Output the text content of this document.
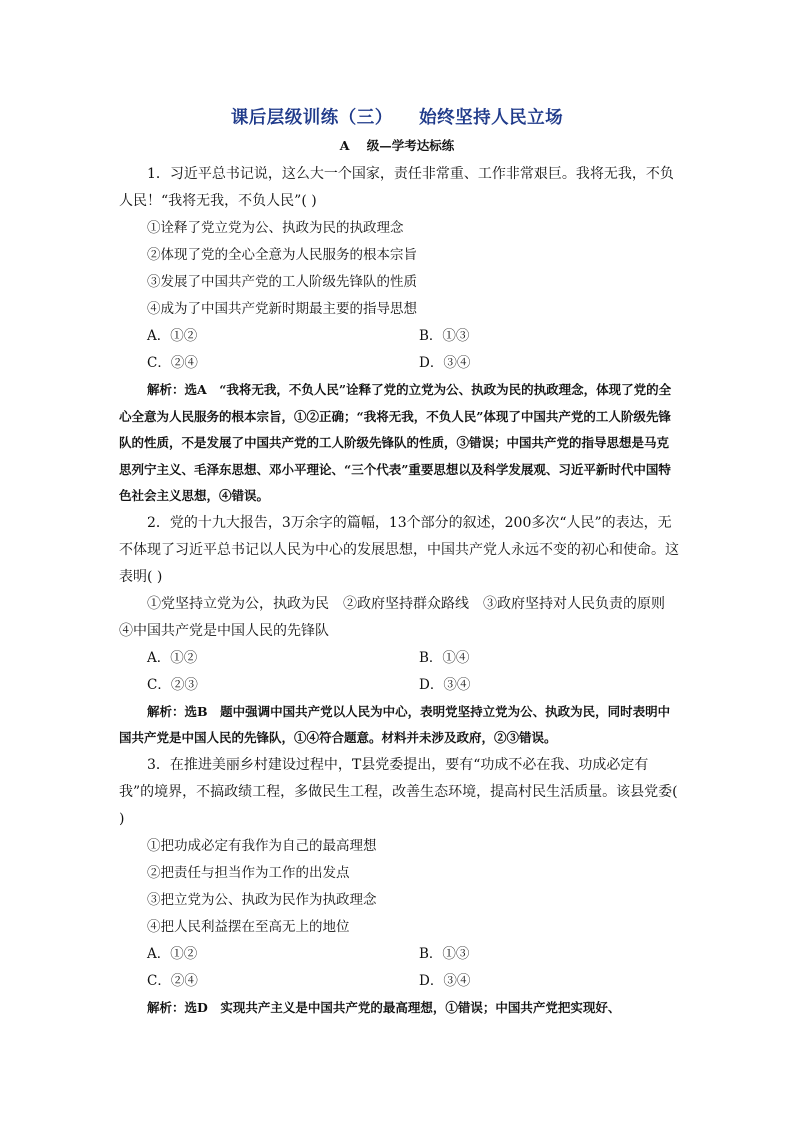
课后层级训练（三）    始终坚持人民立场
A    级—学考达标练

1．习近平总书记说，这么大一个国家，责任非常重、工作非常艰巨。我将无我，不负人民！“我将无我，不负人民”( )

①诠释了党立党为公、执政为民的执政理念

②体现了党的全心全意为人民服务的根本宗旨

③发展了中国共产党的工人阶级先锋队的性质

④成为了中国共产党新时期最主要的指导思想

A．①②	B．①③
C．②④	D．③④

解析：选A　“我将无我，不负人民”诠释了党的立党为公、执政为民的执政理念，体现了党的全心全意为人民服务的根本宗旨，①②正确；“我将无我，不负人民”体现了中国共产党的工人阶级先锋队的性质，不是发展了中国共产党的工人阶级先锋队的性质，③错误；中国共产党的指导思想是马克思列宁主义、毛泽东思想、邓小平理论、“三个代表”重要思想以及科学发展观、习近平新时代中国特色社会主义思想，④错误。

2．党的十九大报告，3万余字的篇幅，13个部分的叙述，200多次“人民”的表达，无不体现了习近平总书记以人民为中心的发展思想，中国共产党人永远不变的初心和使命。这表明( )

①党坚持立党为公，执政为民　②政府坚持群众路线　③政府坚持对人民负责的原则　④中国共产党是中国人民的先锋队

A．①②	B．①④
C．②③	D．③④

解析：选B　题中强调中国共产党以人民为中心，表明党坚持立党为公、执政为民，同时表明中国共产党是中国人民的先锋队，①④符合题意。材料并未涉及政府，②③错误。

3．在推进美丽乡村建设过程中，T县党委提出，要有“功成不必在我、功成必定有我”的境界，不搞政绩工程，多做民生工程，改善生态环境，提高村民生活质量。该县党委( )

①把功成必定有我作为自己的最高理想

②把责任与担当作为工作的出发点

③把立党为公、执政为民作为执政理念

④把人民利益摆在至高无上的地位

A．①②	B．①③
C．②④	D．③④

解析：选D　实现共产主义是中国共产党的最高理想，①错误；中国共产党把实现好、
